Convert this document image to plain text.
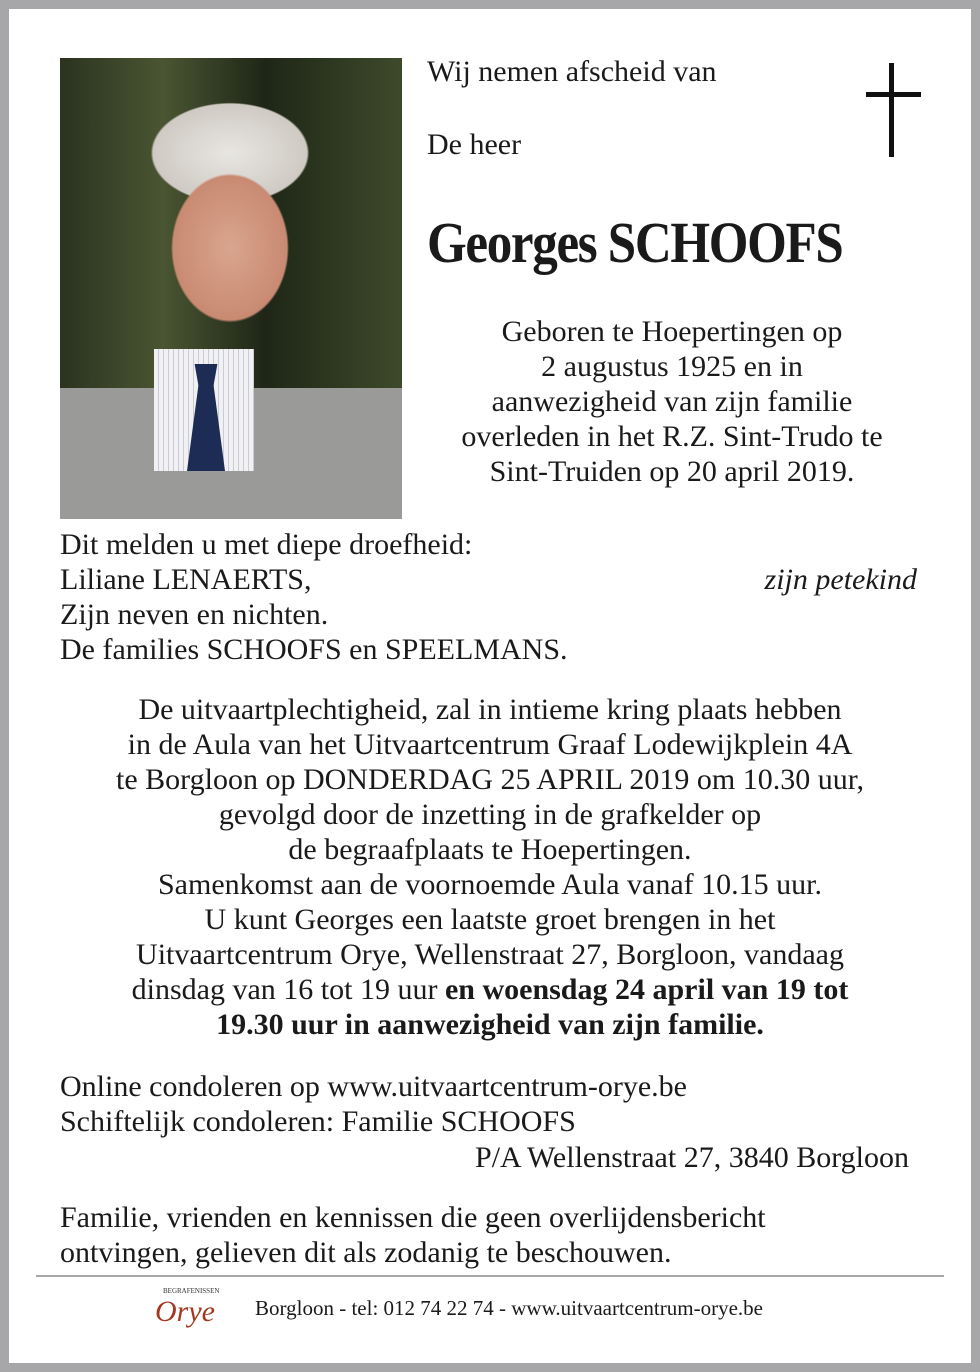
Wij nemen afscheid van
De heer
Georges SCHOOFS
Geboren te Hoepertingen op
2 augustus 1925 en in
aanwezigheid van zijn familie
overleden in het R.Z. Sint-Trudo te
Sint-Truiden op 20 april 2019.
Dit melden u met diepe droefheid:
Liliane LENAERTS,
Zijn neven en nichten.
De families SCHOOFS en SPEELMANS.
zijn petekind
De uitvaartplechtigheid, zal in intieme kring plaats hebben
in de Aula van het Uitvaartcentrum Graaf Lodewijkplein 4A
te Borgloon op DONDERDAG 25 APRIL 2019 om 10.30 uur,
gevolgd door de inzetting in de grafkelder op
de begraafplaats te Hoepertingen.
Samenkomst aan de voornoemde Aula vanaf 10.15 uur.
U kunt Georges een laatste groet brengen in het
Uitvaartcentrum Orye, Wellenstraat 27, Borgloon, vandaag
dinsdag van 16 tot 19 uur en woensdag 24 april van 19 tot
19.30 uur in aanwezigheid van zijn familie.
Online condoleren op www.uitvaartcentrum-orye.be
Schiftelijk condoleren: Familie SCHOOFS
P/A Wellenstraat 27, 3840 Borgloon
Familie, vrienden en kennissen die geen overlijdensbericht
ontvingen, gelieven dit als zodanig te beschouwen.
BEGRAFENISSEN
Orye Borgloon - tel: 012 74 22 74 - www.uitvaartcentrum-orye.be
